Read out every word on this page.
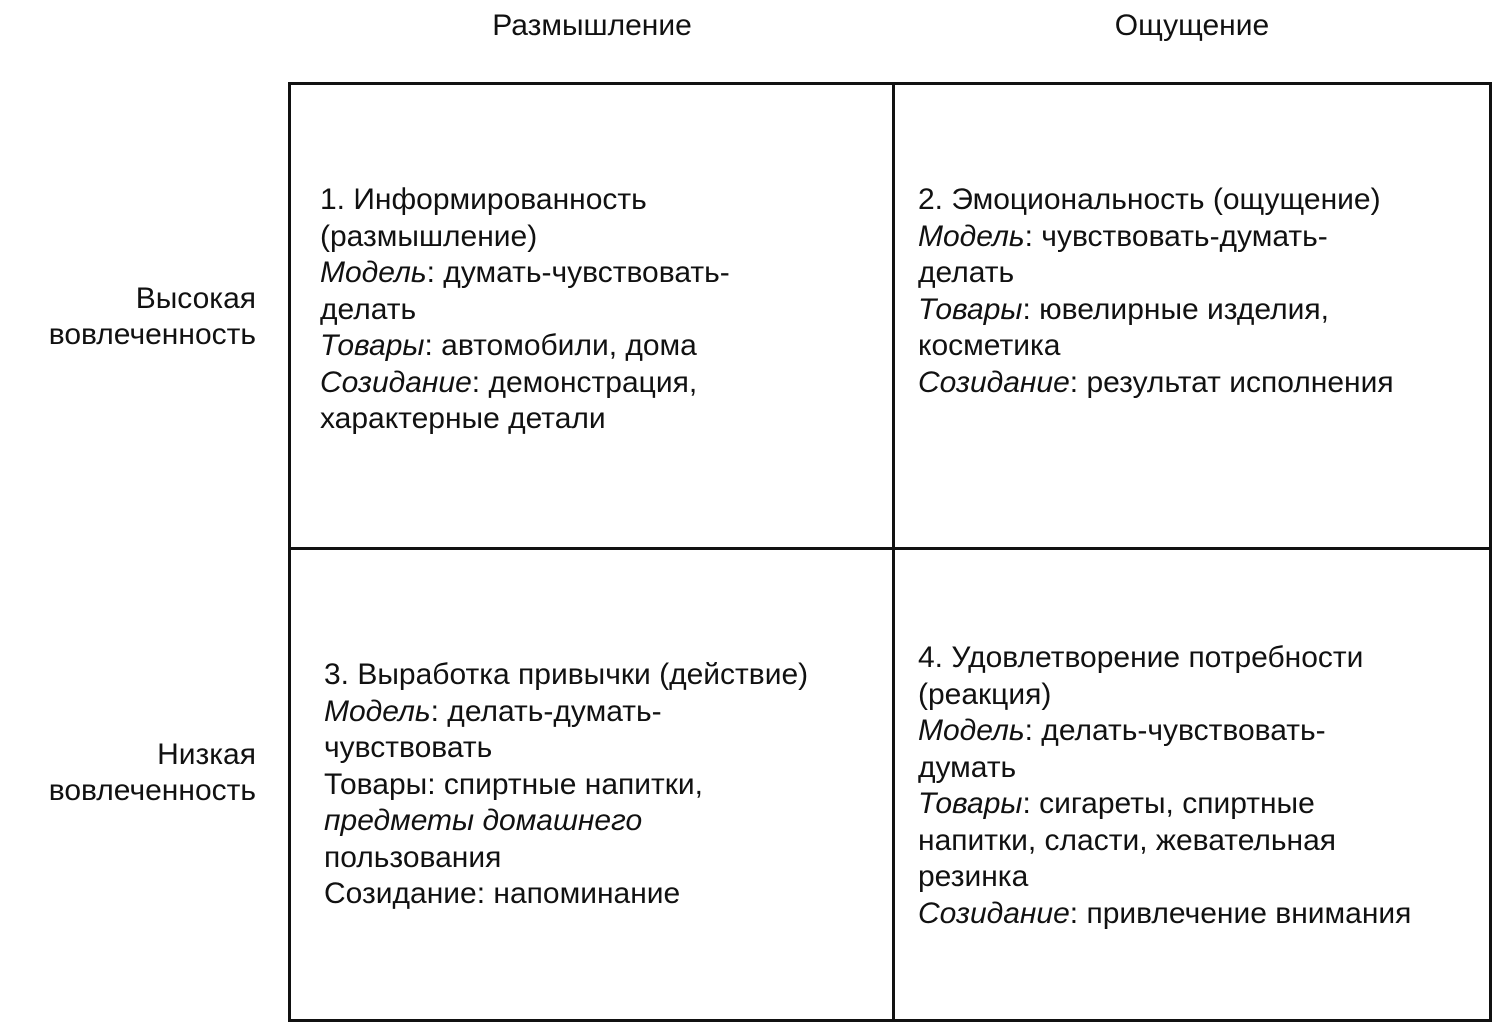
Размышление	Ощущение
Высокая
вовлеченность
Низкая
вовлеченность
1. Информированность
(размышление)
Модель: думать-чувствовать-
делать
Товары: автомобили, дома
Созидание: демонстрация,
характерные детали
2. Эмоциональность (ощущение)
Модель: чувствовать-думать-
делать
Товары: ювелирные изделия,
косметика
Созидание: результат исполнения
3. Выработка привычки (действие)
Модель: делать-думать-
чувствовать
Товары: спиртные напитки,
предметы домашнего
пользования
Созидание: напоминание
4. Удовлетворение потребности
(реакция)
Модель: делать-чувствовать-
думать
Товары: сигареты, спиртные
напитки, сласти, жевательная
резинка
Созидание: привлечение внимания
